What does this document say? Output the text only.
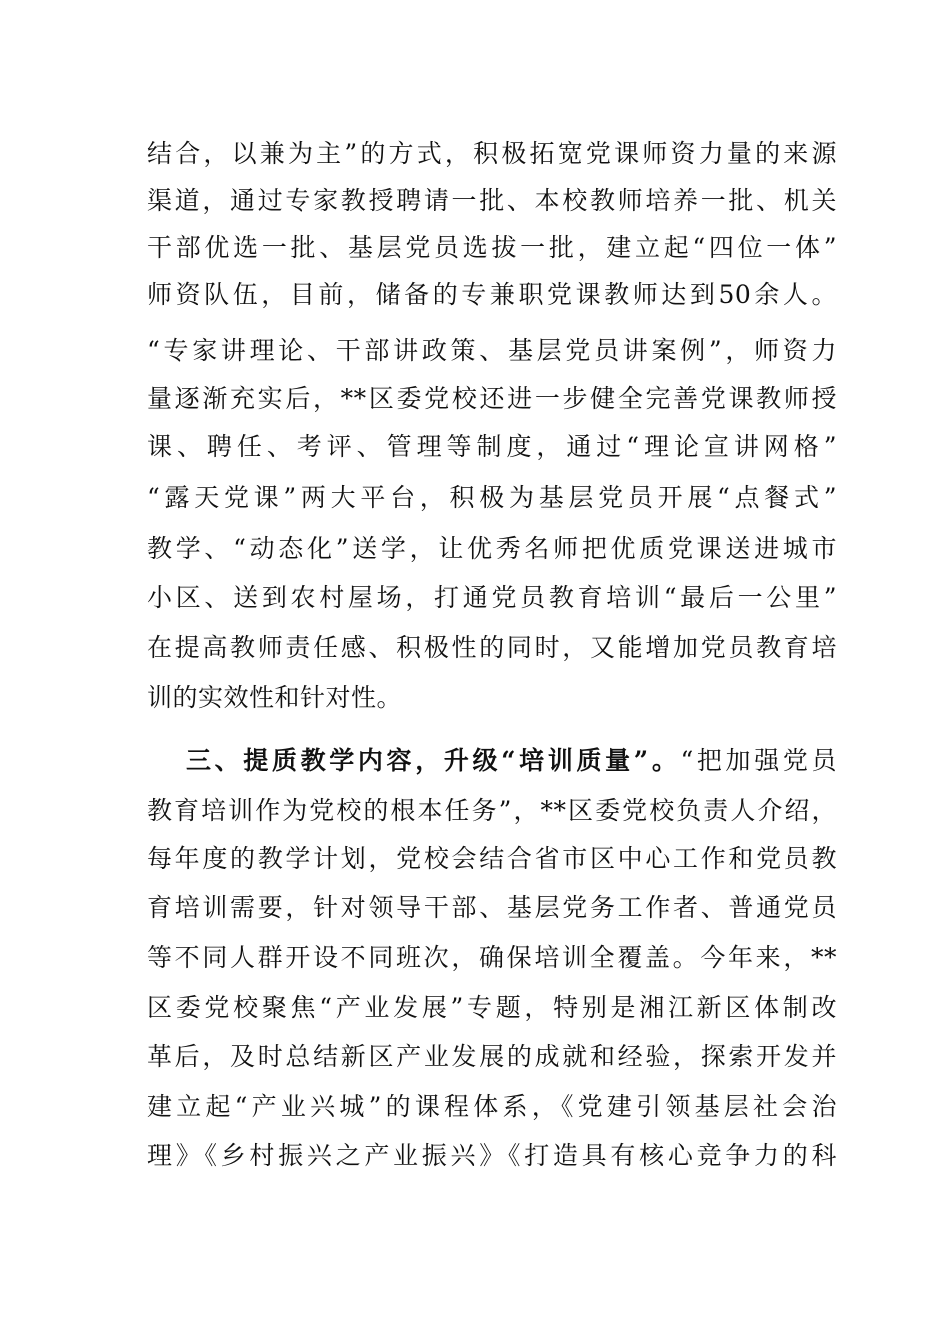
结合，以兼为主”的方式，积极拓宽党课师资力量的来源
渠道，通过专家教授聘请一批、本校教师培养一批、机关
干部优选一批、基层党员选拔一批，建立起“四位一体”
师资队伍，目前，储备的专兼职党课教师达到50余人。
“专家讲理论、干部讲政策、基层党员讲案例”，师资力
量逐渐充实后，**区委党校还进一步健全完善党课教师授
课、聘任、考评、管理等制度，通过“理论宣讲网格”
“露天党课”两大平台，积极为基层党员开展“点餐式”
教学、“动态化”送学，让优秀名师把优质党课送进城市
小区、送到农村屋场，打通党员教育培训“最后一公里”
在提高教师责任感、积极性的同时，又能增加党员教育培
训的实效性和针对性。
三、提质教学内容，升级“培训质量”。“把加强党员
教育培训作为党校的根本任务”，**区委党校负责人介绍，
每年度的教学计划，党校会结合省市区中心工作和党员教
育培训需要，针对领导干部、基层党务工作者、普通党员
等不同人群开设不同班次，确保培训全覆盖。今年来，**
区委党校聚焦“产业发展”专题，特别是湘江新区体制改
革后，及时总结新区产业发展的成就和经验，探索开发并
建立起“产业兴城”的课程体系，《党建引领基层社会治
理》《乡村振兴之产业振兴》《打造具有核心竞争力的科
